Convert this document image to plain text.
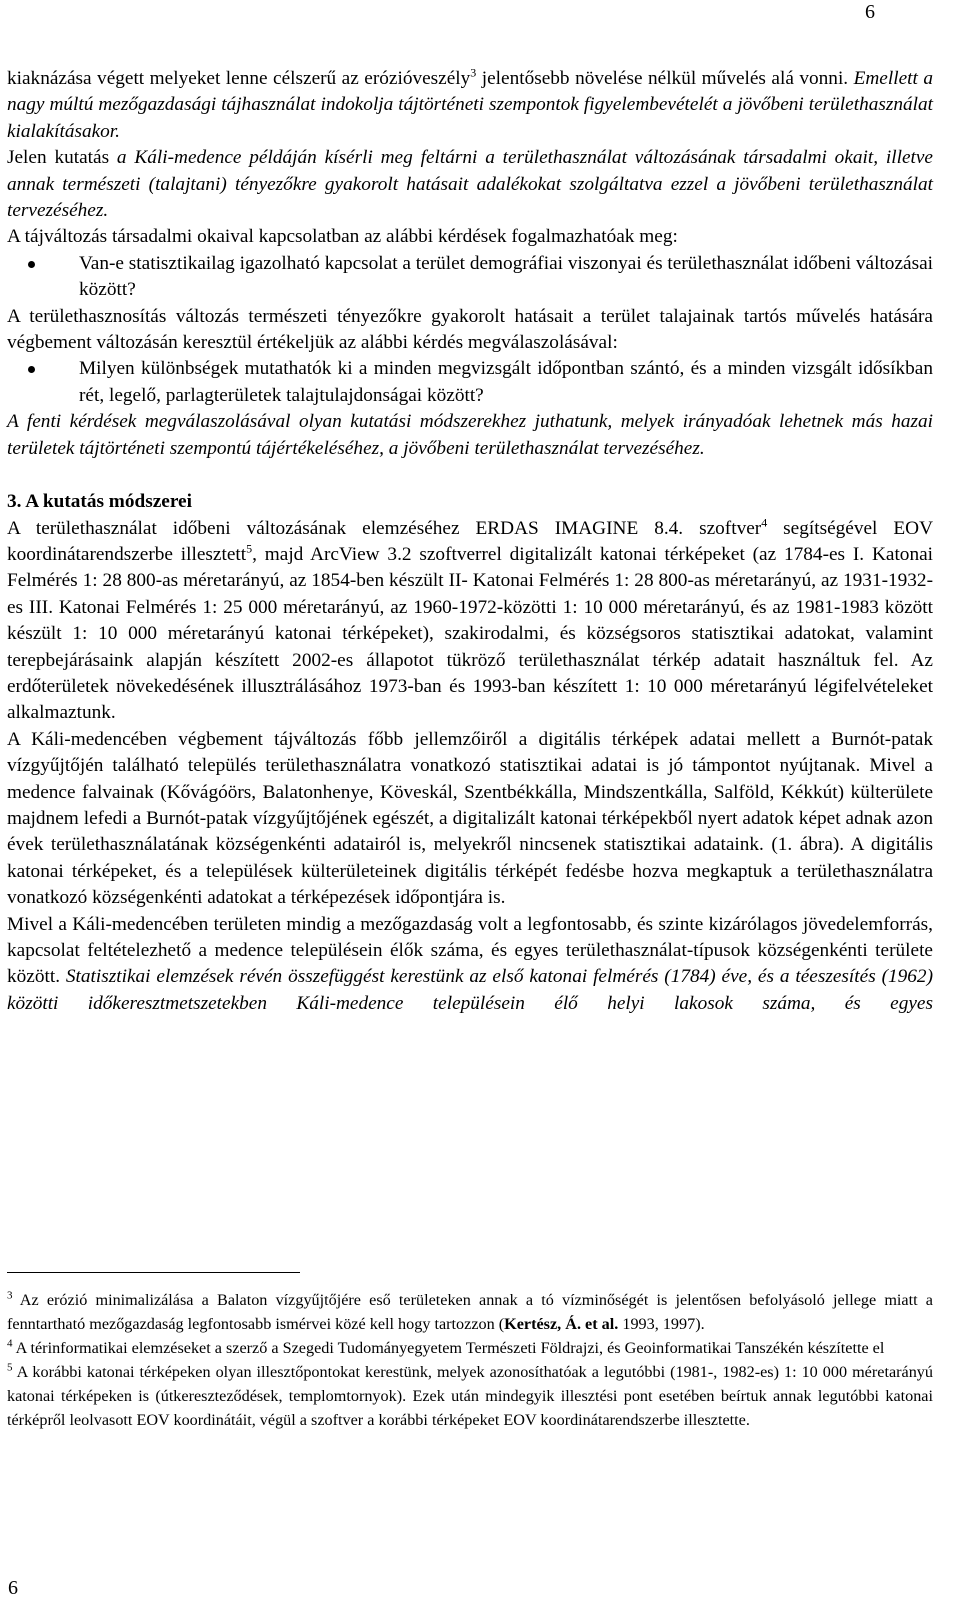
6

kiaknázása végett melyeket lenne célszerű az erózióveszély$^3$ jelentősebb növelése nélkül művelés alá vonni. Emellett a nagy múltú mezőgazdasági tájhasználat indokolja tájtörténeti szempontok figyelembevételét a jövőbeni területhasználat kialakításakor.

Jelen kutatás a Káli-medence példáján kísérli meg feltárni a területhasználat változásának társadalmi okait, illetve annak természeti (talajtani) tényezőkre gyakorolt hatásait adalékokat szolgáltatva ezzel a jövőbeni területhasználat tervezéséhez.

A tájváltozás társadalmi okaival kapcsolatban az alábbi kérdések fogalmazhatóak meg:

Van-e statisztikailag igazolható kapcsolat a terület demográfiai viszonyai és területhasználat időbeni változásai között?

A területhasznosítás változás természeti tényezőkre gyakorolt hatásait a terület talajainak tartós művelés hatására végbement változásán keresztül értékeljük az alábbi kérdés megválaszolásával:

Milyen különbségek mutathatók ki a minden megvizsgált időpontban szántó, és a minden vizsgált idősíkban rét, legelő, parlagterületek talajtulajdonságai között?

A fenti kérdések megválaszolásával olyan kutatási módszerekhez juthatunk, melyek irányadóak lehetnek más hazai területek tájtörténeti szempontú tájértékeléséhez, a jövőbeni területhasználat tervezéséhez.

3. A kutatás módszerei

A területhasználat időbeni változásának elemzéséhez ERDAS IMAGINE 8.4. szoftver$^4$ segítségével EOV koordinátarendszerbe illesztett$^5$, majd ArcView 3.2 szoftverrel digitalizált katonai térképeket (az 1784-es I. Katonai Felmérés 1: 28 800-as méretarányú, az 1854-ben készült II- Katonai Felmérés 1: 28 800-as méretarányú, az 1931-1932-es III. Katonai Felmérés 1: 25 000 méretarányú, az 1960-1972-közötti 1: 10 000 méretarányú, és az 1981-1983 között készült 1: 10 000 méretarányú katonai térképeket), szakirodalmi, és községsoros statisztikai adatokat, valamint terepbejárásaink alapján készített 2002-es állapotot tükröző területhasználat térkép adatait használtuk fel. Az erdőterületek növekedésének illusztrálásához 1973-ban és 1993-ban készített 1: 10 000 méretarányú légifelvételeket alkalmaztunk.

A Káli-medencében végbement tájváltozás főbb jellemzőiről a digitális térképek adatai mellett a Burnót-patak vízgyűjtőjén található település területhasználatra vonatkozó statisztikai adatai is jó támpontot nyújtanak. Mivel a medence falvainak (Kővágóörs, Balatonhenye, Köveskál, Szentbékkálla, Mindszentkálla, Salföld, Kékkút) külterülete majdnem lefedi a Burnót-patak vízgyűjtőjének egészét, a digitalizált katonai térképekből nyert adatok képet adnak azon évek területhasználatának községenkénti adatairól is, melyekről nincsenek statisztikai adataink. (1. ábra). A digitális katonai térképeket, és a települések külterületeinek digitális térképét fedésbe hozva megkaptuk a területhasználatra vonatkozó községenkénti adatokat a térképezések időpontjára is.

Mivel a Káli-medencében területen mindig a mezőgazdaság volt a legfontosabb, és szinte kizárólagos jövedelemforrás, kapcsolat feltételezhető a medence településein élők száma, és egyes területhasználat-típusok községenkénti területe között. Statisztikai elemzések révén összefüggést kerestünk az első katonai felmérés (1784) éve, és a téeszesítés (1962) közötti időkeresztmetszetekben Káli-medence településein élő helyi lakosok száma, és egyes

$^3$ Az erózió minimalizálása a Balaton vízgyűjtőjére eső területeken annak a tó vízminőségét is jelentősen befolyásoló jellege miatt a fenntartható mezőgazdaság legfontosabb ismérvei közé kell hogy tartozzon (Kertész, Á. et al. 1993, 1997).

$^4$ A térinformatikai elemzéseket a szerző a Szegedi Tudományegyetem Természeti Földrajzi, és Geoinformatikai Tanszékén készítette el

$^5$ A korábbi katonai térképeken olyan illesztőpontokat kerestünk, melyek azonosíthatóak a legutóbbi (1981-, 1982-es) 1: 10 000 méretarányú katonai térképeken is (útkereszteződések, templomtornyok). Ezek után mindegyik illesztési pont esetében beírtuk annak legutóbbi katonai térképről leolvasott EOV koordinátáit, végül a szoftver a korábbi térképeket EOV koordinátarendszerbe illesztette.

6
